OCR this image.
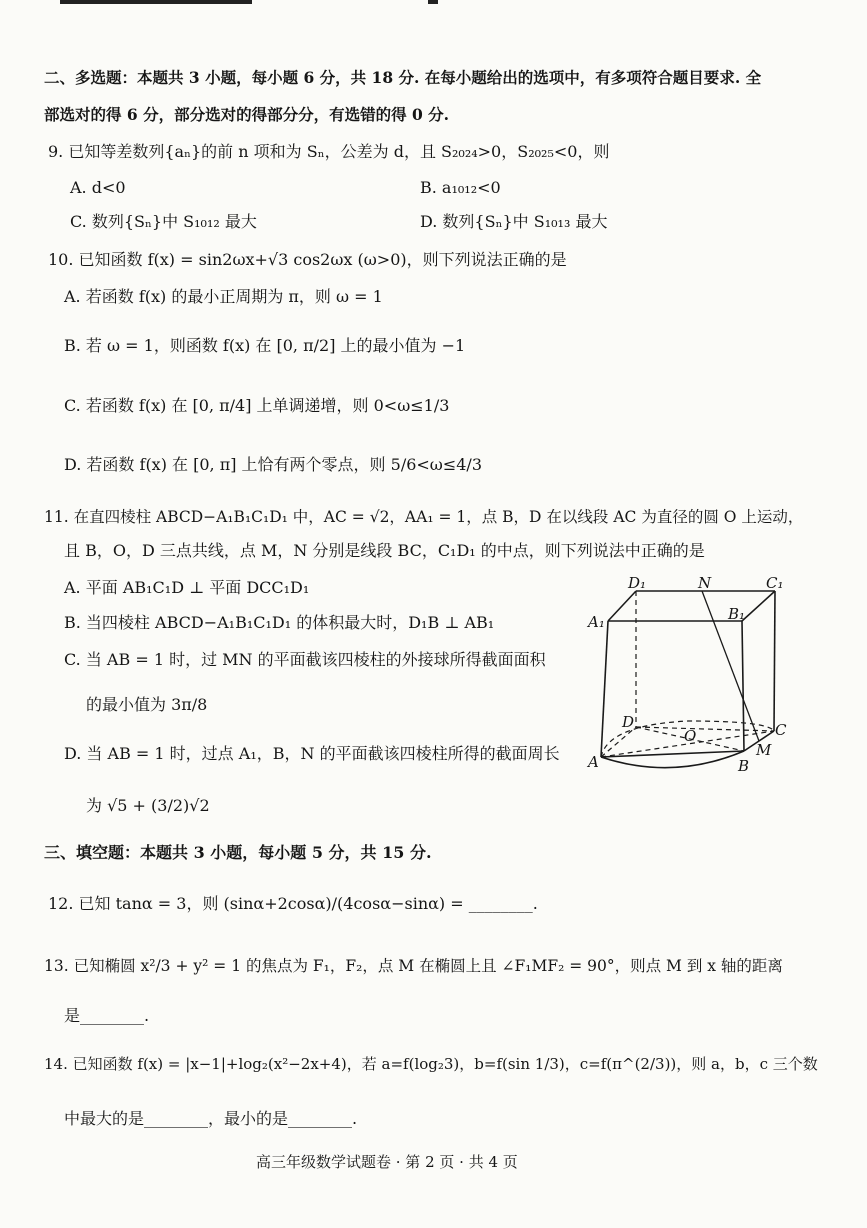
二、多选题：本题共 3 小题，每小题 6 分，共 18 分. 在每小题给出的选项中，有多项符合题目要求. 全
部选对的得 6 分，部分选对的得部分分，有选错的得 0 分.
9. 已知等差数列{aₙ}的前 n 项和为 Sₙ，公差为 d，且 S₂₀₂₄>0，S₂₀₂₅<0，则
A. d<0	B. a₁₀₁₂<0
C. 数列{Sₙ}中 S₁₀₁₂ 最大	D. 数列{Sₙ}中 S₁₀₁₃ 最大
10. 已知函数 f(x) = sin2ωx+√3 cos2ωx (ω>0)，则下列说法正确的是
A. 若函数 f(x) 的最小正周期为 π，则 ω = 1
B. 若 ω = 1，则函数 f(x) 在 [0, π/2] 上的最小值为 −1
C. 若函数 f(x) 在 [0, π/4] 上单调递增，则 0<ω≤1/3
D. 若函数 f(x) 在 [0, π] 上恰有两个零点，则 5/6<ω≤4/3
11. 在直四棱柱 ABCD−A₁B₁C₁D₁ 中，AC = √2，AA₁ = 1，点 B，D 在以线段 AC 为直径的圆 O 上运动，
且 B，O，D 三点共线，点 M，N 分别是线段 BC，C₁D₁ 的中点，则下列说法中正确的是
A. 平面 AB₁C₁D ⊥ 平面 DCC₁D₁
B. 当四棱柱 ABCD−A₁B₁C₁D₁ 的体积最大时，D₁B ⊥ AB₁
C. 当 AB = 1 时，过 MN 的平面截该四棱柱的外接球所得截面面积
的最小值为 3π/8
D. 当 AB = 1 时，过点 A₁，B，N 的平面截该四棱柱所得的截面周长
为 √5 + (3/2)√2
D₁	N	C₁
A₁	B₁
D
O	C
M
A	B
三、填空题：本题共 3 小题，每小题 5 分，共 15 分.
12. 已知 tanα = 3，则 (sinα+2cosα)/(4cosα−sinα) = ________.
13. 已知椭圆 x²/3 + y² = 1 的焦点为 F₁，F₂，点 M 在椭圆上且 ∠F₁MF₂ = 90°，则点 M 到 x 轴的距离
是________.
14. 已知函数 f(x) = |x−1|+log₂(x²−2x+4)，若 a=f(log₂3)，b=f(sin 1/3)，c=f(π^(2/3))，则 a，b，c 三个数
中最大的是________，最小的是________.
高三年级数学试题卷 · 第 2 页 · 共 4 页
